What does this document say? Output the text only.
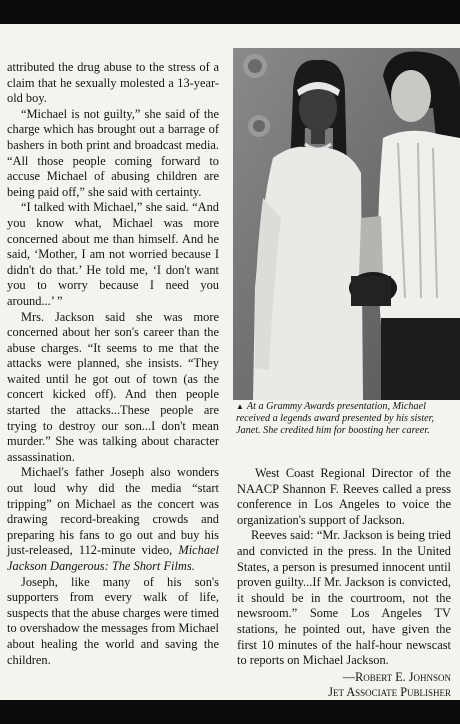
attributed the drug abuse to the stress of a claim that he sexually molested a 13-year-old boy.

“Michael is not guilty,” she said of the charge which has brought out a barrage of bashers in both print and broadcast media. “All those people coming forward to accuse Michael of abusing children are being paid off,” she said with certainty.

“I talked with Michael,” she said. “And you know what, Michael was more concerned about me than himself. And he said, ‘Mother, I am not worried because I didn't do that.’ He told me, ‘I don't want you to worry because I need you around...’ ”

Mrs. Jackson said she was more concerned about her son's career than the abuse charges. “It seems to me that the attacks were planned, she insists. “They waited until he got out of town (as the concert kicked off). And then people started the attacks...These people are trying to destroy our son...I don't mean murder.” She was talking about character assassination.

Michael's father Joseph also wonders out loud why did the media “start tripping” on Michael as the concert was drawing record-breaking crowds and preparing his fans to go out and buy his just-released, 112-minute video, Michael Jackson Dangerous: The Short Films.

Joseph, like many of his son's supporters from every walk of life, suspects that the abuse charges were timed to overshadow the messages from Michael about healing the world and saving the children.

▲ At a Grammy Awards presentation, Michael received a legends award presented by his sister, Janet. She credited him for boosting her career.

West Coast Regional Director of the NAACP Shannon F. Reeves called a press conference in Los Angeles to voice the organization's support of Jackson.

Reeves said: “Mr. Jackson is being tried and convicted in the press. In the United States, a person is presumed innocent until proven guilty...If Mr. Jackson is convicted, it should be in the courtroom, not the newsroom.” Some Los Angeles TV stations, he pointed out, have given the first 10 minutes of the half-hour newscast to reports on Michael Jackson.

—Robert E. Johnson
Jet Associate Publisher
